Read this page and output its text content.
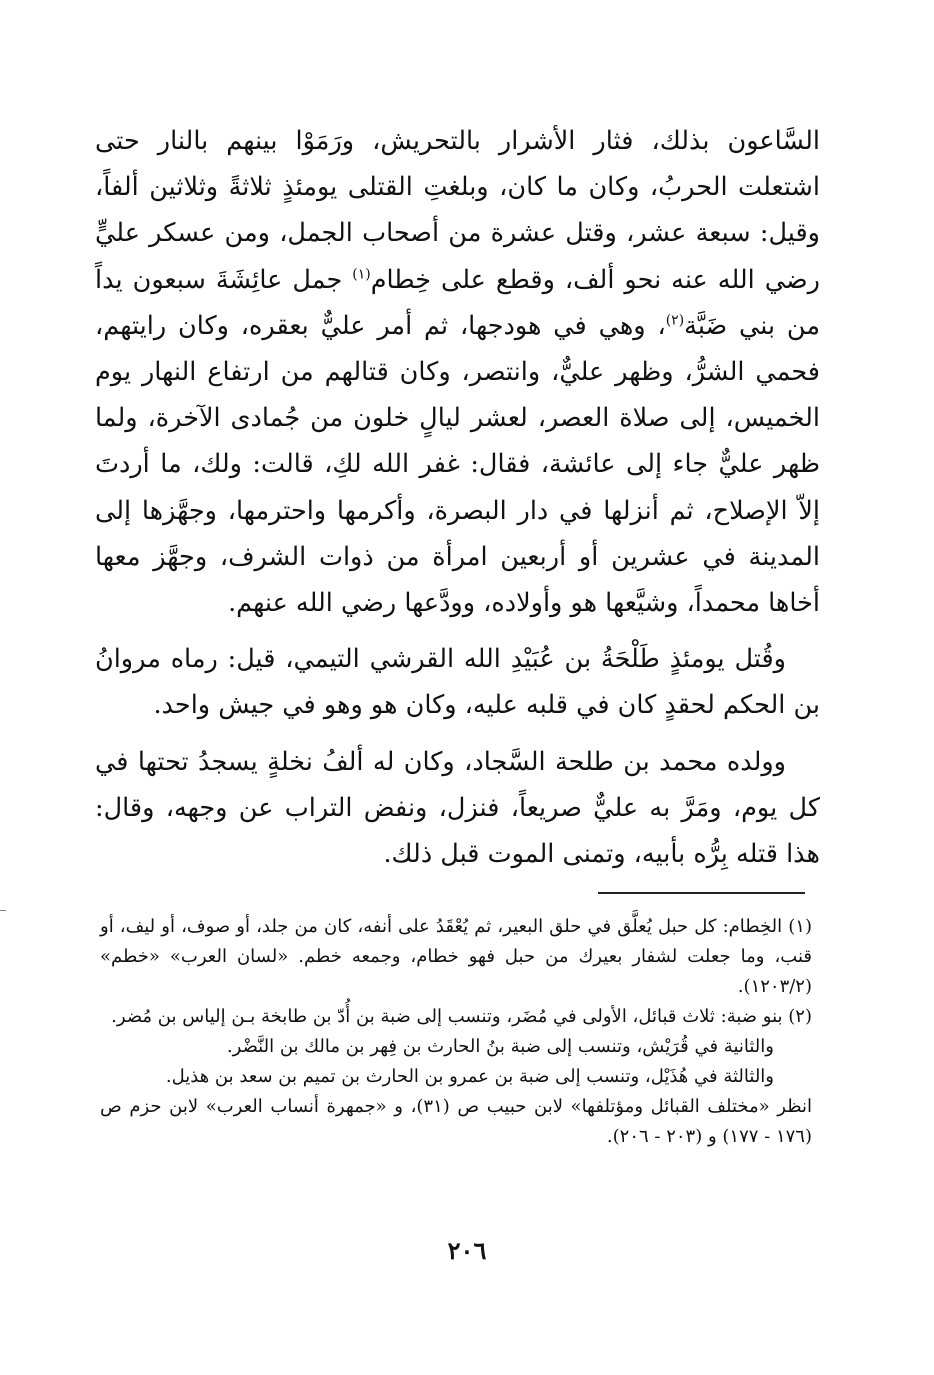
السَّاعون بذلك، فثار الأشرار بالتحريش، ورَمَوْا بينهم بالنار حتى اشتعلت الحربُ، وكان ما كان، وبلغتِ القتلى يومئذٍ ثلاثةً وثلاثين ألفاً، وقيل: سبعة عشر، وقتل عشرة من أصحاب الجمل، ومن عسكر عليٍّ رضي الله عنه نحو ألف، وقطع على خِطام$^{(١)}$ جمل عائِشَةَ سبعون يداً من بني ضَبَّة$^{(٢)}$، وهي في هودجها، ثم أمر عليٌّ بعقره، وكان رايتهم، فحمي الشرُّ، وظهر عليٌّ، وانتصر، وكان قتالهم من ارتفاع النهار يوم الخميس، إلى صلاة العصر، لعشر ليالٍ خلون من جُمادى الآخرة، ولما ظهر عليٌّ جاء إلى عائشة، فقال: غفر الله لكِ، قالت: ولك، ما أردتَ إلاّ الإصلاح، ثم أنزلها في دار البصرة، وأكرمها واحترمها، وجهَّزها إلى المدينة في عشرين أو أربعين امرأة من ذوات الشرف، وجهَّز معها أخاها محمداً، وشيَّعها هو وأولاده، وودَّعها رضي الله عنهم.

وقُتل يومئذٍ طَلْحَةُ بن عُبَيْدِ الله القرشي التيمي، قيل: رماه مروانُ بن الحكم لحقدٍ كان في قلبه عليه، وكان هو وهو في جيش واحد.

وولده محمد بن طلحة السَّجاد، وكان له ألفُ نخلةٍ يسجدُ تحتها في كل يوم، ومَرَّ به عليٌّ صريعاً، فنزل، ونفض التراب عن وجهه، وقال: هذا قتله بِرُّه بأبيه، وتمنى الموت قبل ذلك.

(١) الخِطام: كل حبل يُعلَّق في حلق البعير، ثم يُعْقَدُ على أنفه، كان من جلد، أو صوف، أو ليف، أو قنب، وما جعلت لشفار بعيرك من حبل فهو خطام، وجمعه خطم. «لسان العرب» «خطم» (١٢٠٣/٢).

(٢) بنو ضبة: ثلاث قبائل، الأولى في مُضَر، وتنسب إلى ضبة بن أُدّ بن طابخة بـن إلياس بن مُضر.

والثانية في قُرَيْش، وتنسب إلى ضبة بنُ الحارث بن فِهر بن مالك بن النَّضْر.

والثالثة في هُذَيْل، وتنسب إلى ضبة بن عمرو بن الحارث بن تميم بن سعد بن هذيل.

انظر «مختلف القبائل ومؤتلفها» لابن حبيب ص (٣١)، و «جمهرة أنساب العرب» لابن حزم ص (١٧٦ - ١٧٧) و (٢٠٣ - ٢٠٦).

٢٠٦
